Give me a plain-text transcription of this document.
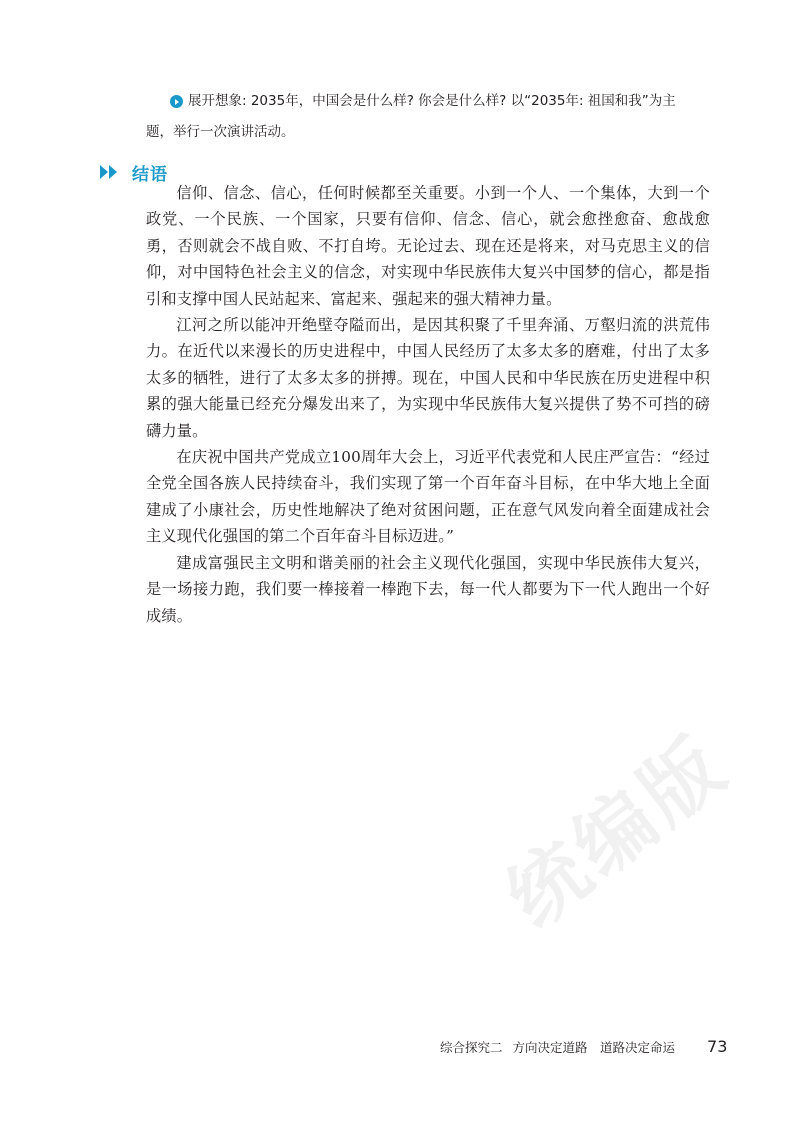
展开想象: 2035年，中国会是什么样? 你会是什么样? 以“2035年: 祖国和我”为主
题，举行一次演讲活动。
结语

信仰、信念、信心，任何时候都至关重要。小到一个人、一个集体，大到一个政党、一个民族、一个国家，只要有信仰、信念、信心，就会愈挫愈奋、愈战愈勇，否则就会不战自败、不打自垮。无论过去、现在还是将来，对马克思主义的信仰，对中国特色社会主义的信念，对实现中华民族伟大复兴中国梦的信心，都是指引和支撑中国人民站起来、富起来、强起来的强大精神力量。

江河之所以能冲开绝壁夺隘而出，是因其积聚了千里奔涌、万壑归流的洪荒伟力。在近代以来漫长的历史进程中，中国人民经历了太多太多的磨难，付出了太多太多的牺牲，进行了太多太多的拼搏。现在，中国人民和中华民族在历史进程中积累的强大能量已经充分爆发出来了，为实现中华民族伟大复兴提供了势不可挡的磅礴力量。

在庆祝中国共产党成立100周年大会上，习近平代表党和人民庄严宣告：“经过全党全国各族人民持续奋斗，我们实现了第一个百年奋斗目标，在中华大地上全面建成了小康社会，历史性地解决了绝对贫困问题，正在意气风发向着全面建成社会主义现代化强国的第二个百年奋斗目标迈进。”

建成富强民主文明和谐美丽的社会主义现代化强国，实现中华民族伟大复兴，是一场接力跑，我们要一棒接着一棒跑下去，每一代人都要为下一代人跑出一个好成绩。

统编版
综合探究二 方向决定道路　道路决定命运	73
